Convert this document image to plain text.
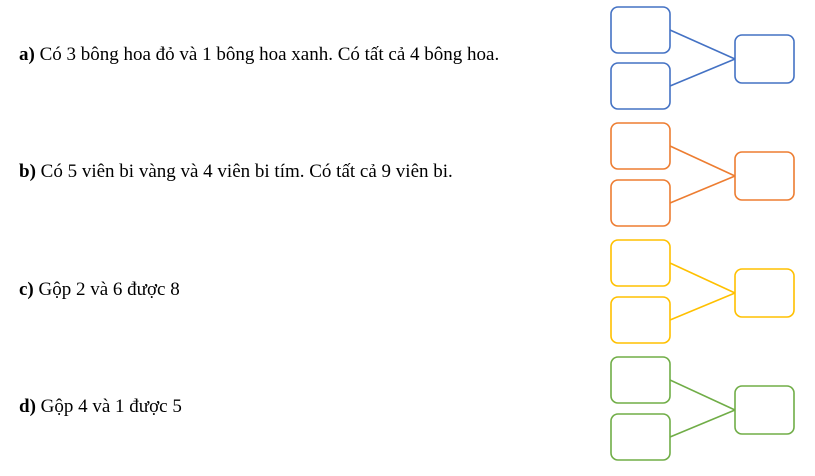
a) Có 3 bông hoa đỏ và 1 bông hoa xanh. Có tất cả 4 bông hoa.
b) Có 5 viên bi vàng và 4 viên bi tím. Có tất cả 9 viên bi.
c) Gộp 2 và 6 được 8
d) Gộp 4 và 1 được 5
